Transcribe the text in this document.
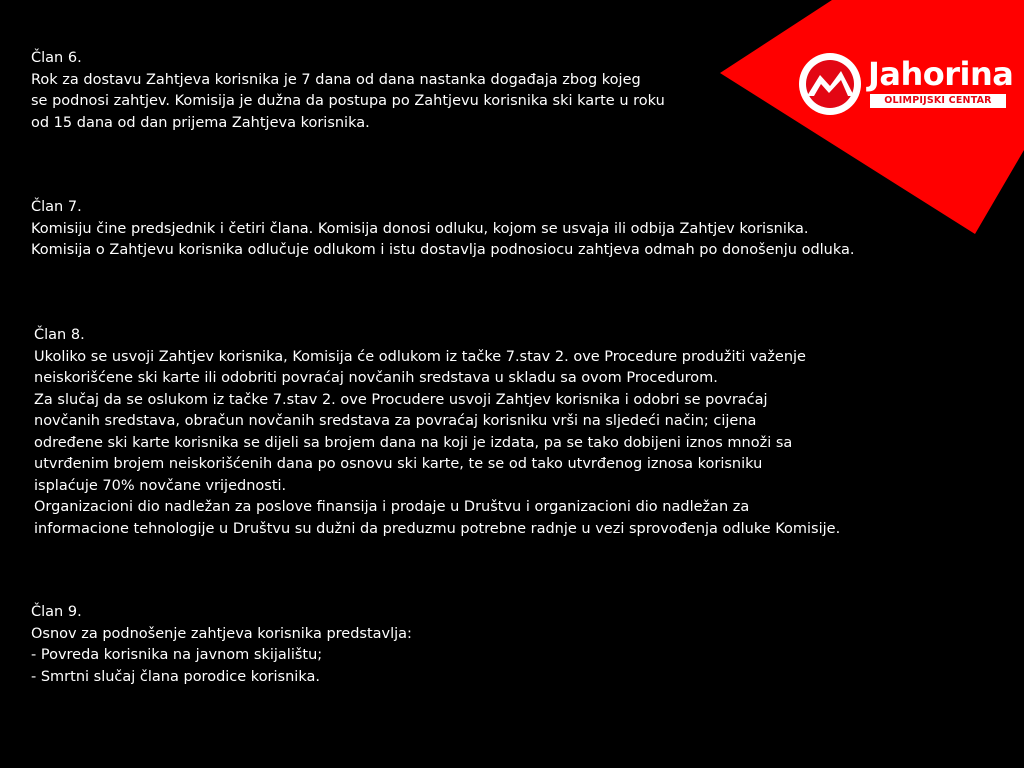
Jahorina
OLIMPIJSKI CENTAR
Član 6.
Rok za dostavu Zahtjeva korisnika je 7 dana od dana nastanka događaja zbog kojeg
se podnosi zahtjev. Komisija je dužna da postupa po Zahtjevu korisnika ski karte u roku
od 15 dana od dan prijema Zahtjeva korisnika.
Član 7.
Komisiju čine predsjednik i četiri člana. Komisija donosi odluku, kojom se usvaja ili odbija Zahtjev korisnika.
Komisija o Zahtjevu korisnika odlučuje odlukom i istu dostavlja podnosiocu zahtjeva odmah po donošenju odluka.
Član 8.
Ukoliko se usvoji Zahtjev korisnika, Komisija će odlukom iz tačke 7.stav 2. ove Procedure produžiti važenje
neiskorišćene ski karte ili odobriti povraćaj novčanih sredstava u skladu sa ovom Procedurom.
Za slučaj da se oslukom iz tačke 7.stav 2. ove Procudere usvoji Zahtjev korisnika i odobri se povraćaj
novčanih sredstava, obračun novčanih sredstava za povraćaj korisniku vrši na sljedeći način; cijena
određene ski karte korisnika se dijeli sa brojem dana na koji je izdata, pa se tako dobijeni iznos množi sa
utvrđenim brojem neiskorišćenih dana po osnovu ski karte, te se od tako utvrđenog iznosa korisniku
isplaćuje 70% novčane vrijednosti.
Organizacioni dio nadležan za poslove finansija i prodaje u Društvu i organizacioni dio nadležan za
informacione tehnologije u Društvu su dužni da preduzmu potrebne radnje u vezi sprovođenja odluke Komisije.
Član 9.
Osnov za podnošenje zahtjeva korisnika predstavlja:
- Povreda korisnika na javnom skijalištu;
- Smrtni slučaj člana porodice korisnika.
